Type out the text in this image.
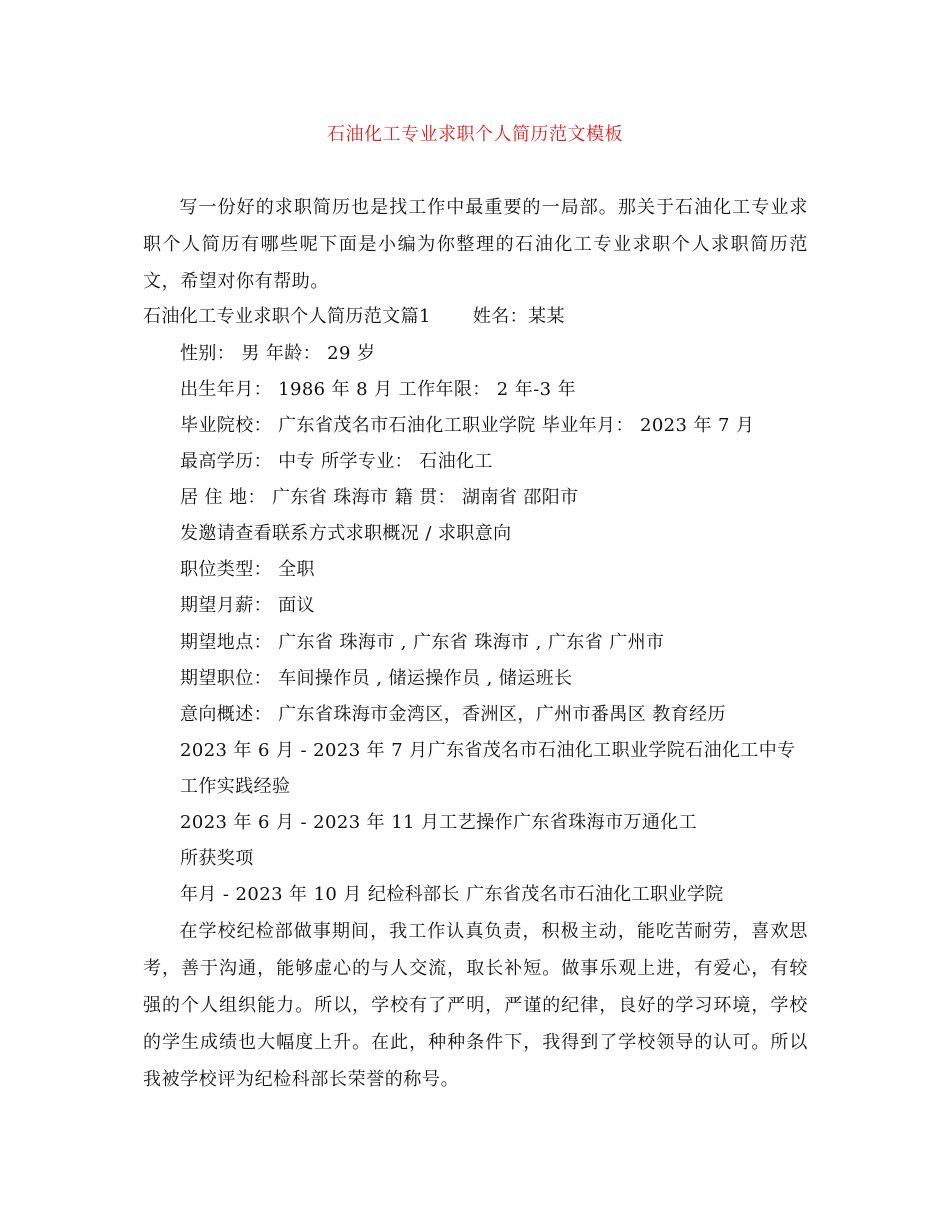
石油化工专业求职个人简历范文模板
写一份好的求职简历也是找工作中最重要的一局部。那关于石油化工专业求职个人简历有哪些呢下面是小编为你整理的石油化工专业求职个人求职简历范文，希望对你有帮助。
石油化工专业求职个人简历范文篇1 姓名：某某
性别： 男 年龄： 29 岁
出生年月： 1986 年 8 月 工作年限： 2 年-3 年
毕业院校： 广东省茂名市石油化工职业学院 毕业年月： 2023 年 7 月
最高学历： 中专 所学专业： 石油化工
居 住 地： 广东省 珠海市 籍 贯： 湖南省 邵阳市
发邀请查看联系方式求职概况 / 求职意向
职位类型： 全职
期望月薪： 面议
期望地点： 广东省 珠海市 , 广东省 珠海市 , 广东省 广州市
期望职位： 车间操作员 , 储运操作员 , 储运班长
意向概述： 广东省珠海市金湾区，香洲区，广州市番禺区 教育经历
2023 年 6 月 - 2023 年 7 月广东省茂名市石油化工职业学院石油化工中专
工作实践经验
2023 年 6 月 - 2023 年 11 月工艺操作广东省珠海市万通化工
所获奖项
年月 - 2023 年 10 月 纪检科部长 广东省茂名市石油化工职业学院
在学校纪检部做事期间，我工作认真负责，积极主动，能吃苦耐劳，喜欢思考，善于沟通，能够虚心的与人交流，取长补短。做事乐观上进，有爱心，有较强的个人组织能力。所以，学校有了严明，严谨的纪律，良好的学习环境，学校的学生成绩也大幅度上升。在此，种种条件下，我得到了学校领导的认可。所以我被学校评为纪检科部长荣誉的称号。
